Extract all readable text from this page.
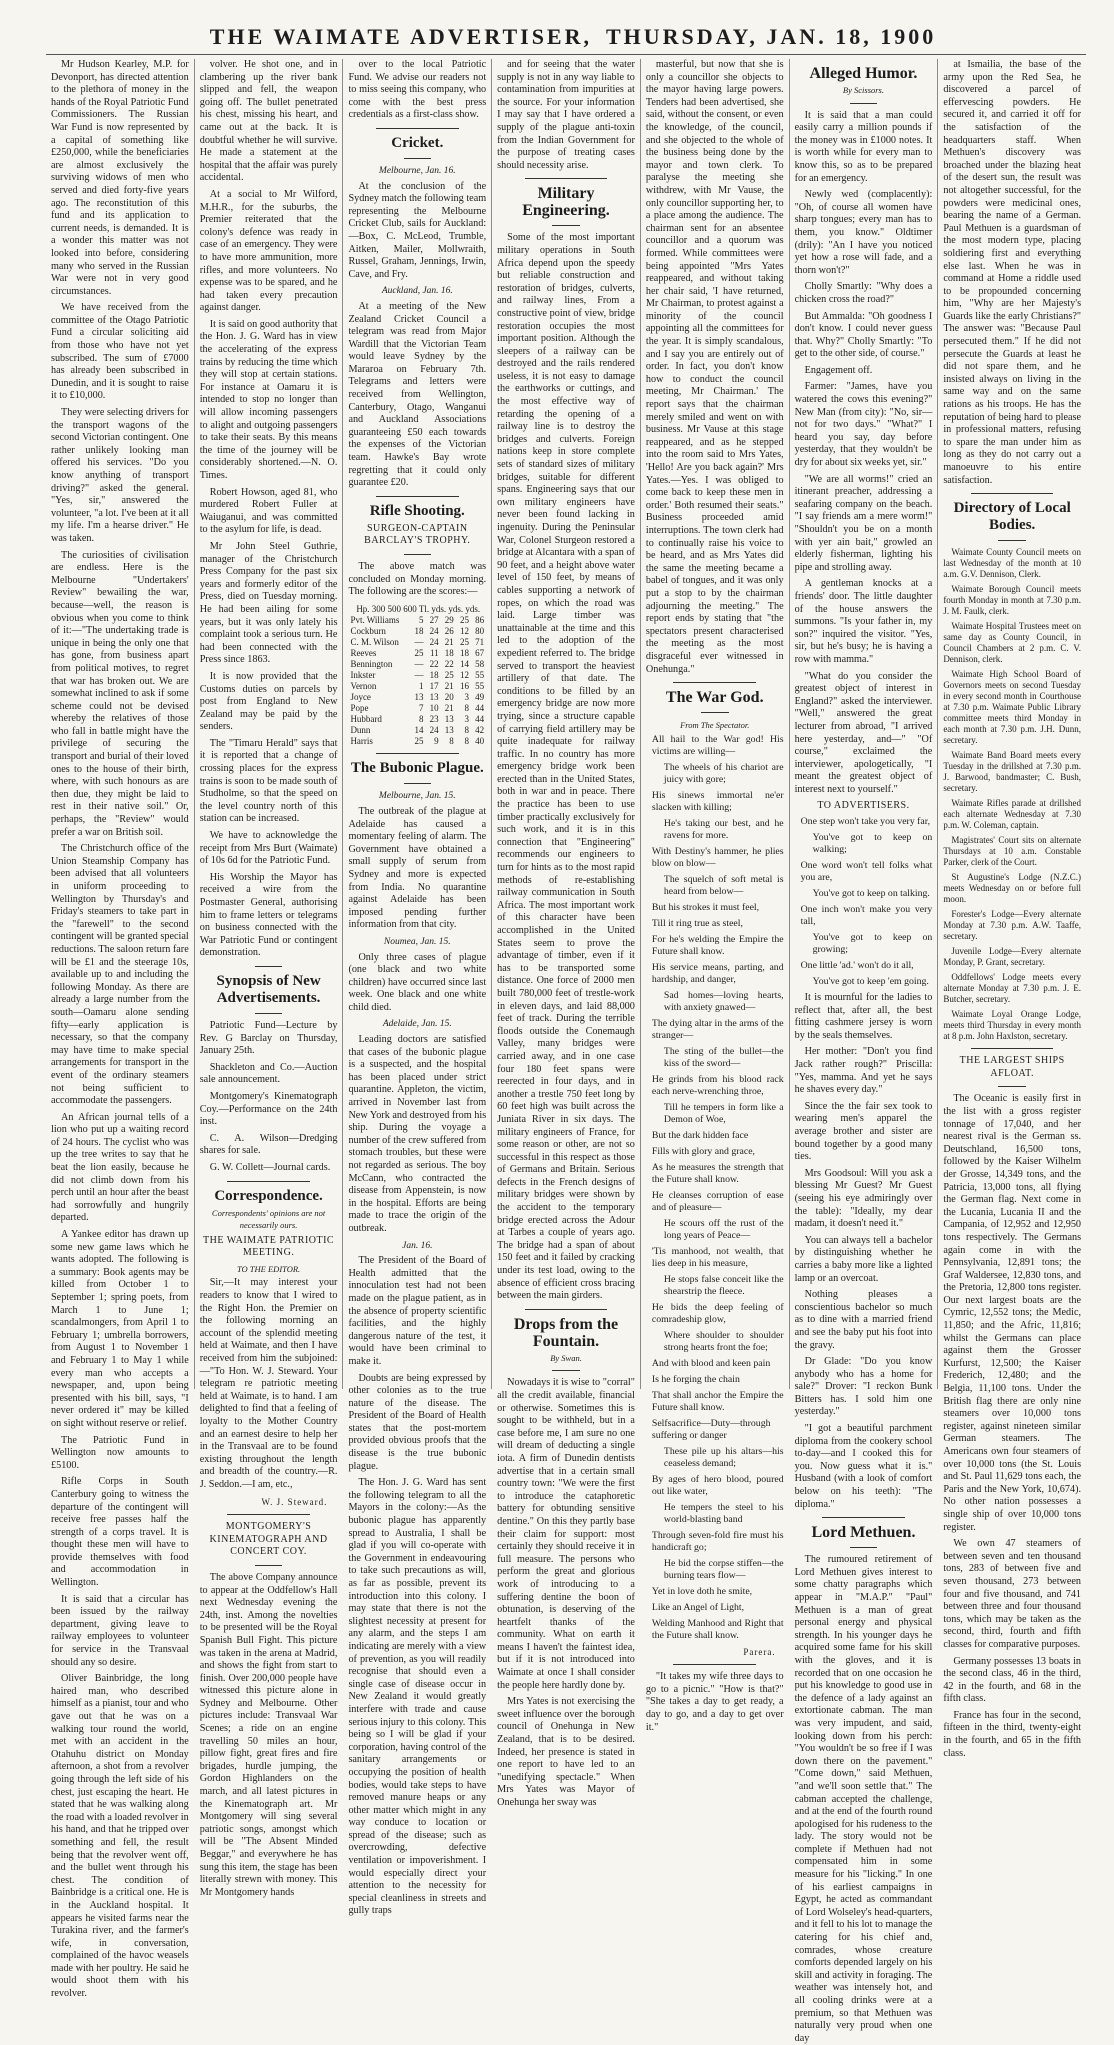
THE WAIMATE ADVERTISER, THURSDAY, JAN. 18, 1900

Mr Hudson Kearley, M.P. for Devonport, has directed attention to the plethora of money in the hands of the Royal Patriotic Fund Commissioners. The Russian War Fund is now represented by a capital of something like £250,000, while the beneficiaries are almost exclusively the surviving widows of men who served and died forty-five years ago. The reconstitution of this fund and its application to current needs, is demanded. It is a wonder this matter was not looked into before, considering many who served in the Russian War were not in very good circumstances.

We have received from the committee of the Otago Patriotic Fund a circular soliciting aid from those who have not yet subscribed. The sum of £7000 has already been subscribed in Dunedin, and it is sought to raise it to £10,000.

They were selecting drivers for the transport wagons of the second Victorian contingent. One rather unlikely looking man offered his services. "Do you know anything of transport driving?" asked the general. "Yes, sir," answered the volunteer, "a lot. I've been at it all my life. I'm a hearse driver." He was taken.

The curiosities of civilisation are endless. Here is the Melbourne "Undertakers' Review" bewailing the war, because—well, the reason is obvious when you come to think of it:—"The undertaking trade is unique in being the only one that has gone, from business apart from political motives, to regret that war has broken out. We are somewhat inclined to ask if some scheme could not be devised whereby the relatives of those who fall in battle might have the privilege of securing the transport and burial of their loved ones to the house of their birth, where, with such honours as are then due, they might be laid to rest in their native soil." Or, perhaps, the "Review" would prefer a war on British soil.

The Christchurch office of the Union Steamship Company has been advised that all volunteers in uniform proceeding to Wellington by Thursday's and Friday's steamers to take part in the "farewell" to the second contingent will be granted special reductions. The saloon return fare will be £1 and the steerage 10s, available up to and including the following Monday. As there are already a large number from the south—Oamaru alone sending fifty—early application is necessary, so that the company may have time to make special arrangements for transport in the event of the ordinary steamers not being sufficient to accommodate the passengers.

An African journal tells of a lion who put up a waiting record of 24 hours. The cyclist who was up the tree writes to say that he beat the lion easily, because he did not climb down from his perch until an hour after the beast had sorrowfully and hungrily departed.

A Yankee editor has drawn up some new game laws which he wants adopted. The following is a summary: Book agents may be killed from October 1 to September 1; spring poets, from March 1 to June 1; scandalmongers, from April 1 to February 1; umbrella borrowers, from August 1 to November 1 and February 1 to May 1 while every man who accepts a newspaper, and, upon being presented with his bill, says, "I never ordered it" may be killed on sight without reserve or relief.

The Patriotic Fund in Wellington now amounts to £5100.

Rifle Corps in South Canterbury going to witness the departure of the contingent will receive free passes half the strength of a corps travel. It is thought these men will have to provide themselves with food and accommodation in Wellington.

It is said that a circular has been issued by the railway department, giving leave to railway employees to volunteer for service in the Transvaal should any so desire.

Oliver Bainbridge, the long haired man, who described himself as a pianist, tour and who gave out that he was on a walking tour round the world, met with an accident in the Otahuhu district on Monday afternoon, a shot from a revolver going through the left side of his chest, just escaping the heart. He stated that he was walking along the road with a loaded revolver in his hand, and that he tripped over something and fell, the result being that the revolver went off, and the bullet went through his chest. The condition of Bainbridge is a critical one. He is in the Auckland hospital. It appears he visited farms near the Turakina river, and the farmer's wife, in conversation, complained of the havoc weasels made with her poultry. He said he would shoot them with his revolver.

volver. He shot one, and in clambering up the river bank slipped and fell, the weapon going off. The bullet penetrated his chest, missing his heart, and came out at the back. It is doubtful whether he will survive. He made a statement at the hospital that the affair was purely accidental.

At a social to Mr Wilford, M.H.R., for the suburbs, the Premier reiterated that the colony's defence was ready in case of an emergency. They were to have more ammunition, more rifles, and more volunteers. No expense was to be spared, and he had taken every precaution against danger.

It is said on good authority that the Hon. J. G. Ward has in view the accelerating of the express trains by reducing the time which they will stop at certain stations. For instance at Oamaru it is intended to stop no longer than will allow incoming passengers to alight and outgoing passengers to take their seats. By this means the time of the journey will be considerably shortened.—N. O. Times.

Robert Howson, aged 81, who murdered Robert Fuller at Waiuganui, and was committed to the asylum for life, is dead.

Mr John Steel Guthrie, manager of the Christchurch Press Company for the past six years and formerly editor of the Press, died on Tuesday morning. He had been ailing for some years, but it was only lately his complaint took a serious turn. He had been connected with the Press since 1863.

It is now provided that the Customs duties on parcels by post from England to New Zealand may be paid by the senders.

The "Timaru Herald" says that it is reported that a change of crossing places for the express trains is soon to be made south of Studholme, so that the speed on the level country north of this station can be increased.

We have to acknowledge the receipt from Mrs Burt (Waimate) of 10s 6d for the Patriotic Fund.

His Worship the Mayor has received a wire from the Postmaster General, authorising him to frame letters or telegrams on business connected with the War Patriotic Fund or contingent demonstration.

Synopsis of New Advertisements.

Patriotic Fund—Lecture by Rev. G Barclay on Thursday, January 25th.

Shackleton and Co.—Auction sale announcement.

Montgomery's Kinematograph Coy.—Performance on the 24th inst.

C. A. Wilson—Dredging shares for sale.

G. W. Collett—Journal cards.

Correspondence.
Correspondents' opinions are not necessarily ours.
THE WAIMATE PATRIOTIC MEETING.
TO THE EDITOR.

Sir,—It may interest your readers to know that I wired to the Right Hon. the Premier on the following morning an account of the splendid meeting held at Waimate, and then I have received from him the subjoined:—"To Hon. W. J. Steward. Your telegram re patriotic meeting held at Waimate, is to hand. I am delighted to find that a feeling of loyalty to the Mother Country and an earnest desire to help her in the Transvaal are to be found existing throughout the length and breadth of the country.—R. J. Seddon.—I am, etc.,

W. J. Steward.
MONTGOMERY'S KINEMATOGRAPH AND CONCERT COY.

The above Company announce to appear at the Oddfellow's Hall next Wednesday evening the 24th, inst. Among the novelties to be presented will be the Royal Spanish Bull Fight. This picture was taken in the arena at Madrid, and shows the fight from start to finish. Over 200,000 people have witnessed this picture alone in Sydney and Melbourne. Other pictures include: Transvaal War Scenes; a ride on an engine travelling 50 miles an hour, pillow fight, great fires and fire brigades, hurdle jumping, the Gordon Highlanders on the march, and all latest pictures in the Kinematograph art. Mr Montgomery will sing several patriotic songs, amongst which will be "The Absent Minded Beggar," and everywhere he has sung this item, the stage has been literally strewn with money. This Mr Montgomery hands

over to the local Patriotic Fund. We advise our readers not to miss seeing this company, who come with the best press credentials as a first-class show.

Cricket.
Melbourne, Jan. 16.

At the conclusion of the Sydney match the following team representing the Melbourne Cricket Club, sails for Auckland:—Box, C. McLeod, Trumble, Aitken, Mailer, Mollwraith, Russel, Graham, Jennings, Irwin, Cave, and Fry.

Auckland, Jan. 16.

At a meeting of the New Zealand Cricket Council a telegram was read from Major Wardill that the Victorian Team would leave Sydney by the Mararoa on February 7th. Telegrams and letters were received from Wellington, Canterbury, Otago, Wanganui and Auckland Associations guaranteeing £50 each towards the expenses of the Victorian team. Hawke's Bay wrote regretting that it could only guarantee £20.

Rifle Shooting.
SURGEON-CAPTAIN BARCLAY'S TROPHY.

The above match was concluded on Monday morning. The following are the scores:—

Hp. 300 500 600 Tl. yds. yds. yds.
Pvt. Williams	5	27	29	25	86
Cockburn	18	24	26	12	80
C. M. Wilson	—	24	21	25	71
Reeves	25	11	18	18	67
Bennington	—	22	22	14	58
Inkster	—	18	25	12	55
Vernon	1	17	21	16	55
Joyce	13	13	20	3	49
Pope	7	10	21	8	44
Hubbard	8	23	13	3	44
Dunn	14	24	13	8	42
Harris	25	9	8	8	40
The Bubonic Plague.
Melbourne, Jan. 15.

The outbreak of the plague at Adelaide has caused a momentary feeling of alarm. The Government have obtained a small supply of serum from Sydney and more is expected from India. No quarantine against Adelaide has been imposed pending further information from that city.

Noumea, Jan. 15.

Only three cases of plague (one black and two white children) have occurred since last week. One black and one white child died.

Adelaide, Jan. 15.

Leading doctors are satisfied that cases of the bubonic plague is a suspected, and the hospital has been placed under strict quarantine. Appleton, the victim, arrived in November last from New York and destroyed from his ship. During the voyage a number of the crew suffered from stomach troubles, but these were not regarded as serious. The boy McCann, who contracted the disease from Appenstein, is now in the hospital. Efforts are being made to trace the origin of the outbreak.

Jan. 16.

The President of the Board of Health admitted that the innoculation test had not been made on the plague patient, as in the absence of property scientific facilities, and the highly dangerous nature of the test, it would have been criminal to make it.

Doubts are being expressed by other colonies as to the true nature of the disease. The President of the Board of Health states that the post-mortem provided obvious proofs that the disease is the true bubonic plague.

The Hon. J. G. Ward has sent the following telegram to all the Mayors in the colony:—As the bubonic plague has apparently spread to Australia, I shall be glad if you will co-operate with the Government in endeavouring to take such precautions as will, as far as possible, prevent its introduction into this colony. I may state that there is not the slightest necessity at present for any alarm, and the steps I am indicating are merely with a view of prevention, as you will readily recognise that should even a single case of disease occur in New Zealand it would greatly interfere with trade and cause serious injury to this colony. This being so I will be glad if your corporation, having control of the sanitary arrangements or occupying the position of health bodies, would take steps to have removed manure heaps or any other matter which might in any way conduce to location or spread of the disease; such as overcrowding, defective ventilation or impoverishment. I would especially direct your attention to the necessity for special cleanliness in streets and gully traps

and for seeing that the water supply is not in any way liable to contamination from impurities at the source. For your information I may say that I have ordered a supply of the plague anti-toxin from the Indian Government for the purpose of treating cases should necessity arise.

Military Engineering.

Some of the most important military operations in South Africa depend upon the speedy but reliable construction and restoration of bridges, culverts, and railway lines, From a constructive point of view, bridge restoration occupies the most important position. Although the sleepers of a railway can be destroyed and the rails rendered useless, it is not easy to damage the earthworks or cuttings, and the most effective way of retarding the opening of a railway line is to destroy the bridges and culverts. Foreign nations keep in store complete sets of standard sizes of military bridges, suitable for different spans. Engineering says that our own military engineers have never been found lacking in ingenuity. During the Peninsular War, Colonel Sturgeon restored a bridge at Alcantara with a span of 90 feet, and a height above water level of 150 feet, by means of cables supporting a network of ropes, on which the road was laid. Large timber was unattainable at the time and this led to the adoption of the expedient referred to. The bridge served to transport the heaviest artillery of that date. The conditions to be filled by an emergency bridge are now more trying, since a structure capable of carrying field artillery may be quite inadequate for railway traffic. In no country has more emergency bridge work been erected than in the United States, both in war and in peace. There the practice has been to use timber practically exclusively for such work, and it is in this connection that "Engineering" recommends our engineers to turn for hints as to the most rapid methods of re-establishing railway communication in South Africa. The most important work of this character have been accomplished in the United States seem to prove the advantage of timber, even if it has to be transported some distance. One force of 2000 men built 780,000 feet of trestle-work in eleven days, and laid 88,000 feet of track. During the terrible floods outside the Conemaugh Valley, many bridges were carried away, and in one case four 180 feet spans were reerected in four days, and in another a trestle 750 feet long by 60 feet high was built across the Juniata River in six days. The military engineers of France, for some reason or other, are not so successful in this respect as those of Germans and Britain. Serious defects in the French designs of military bridges were shown by the accident to the temporary bridge erected across the Adour at Tarbes a couple of years ago. The bridge had a span of about 150 feet and it failed by cracking under its test load, owing to the absence of efficient cross bracing between the main girders.

Drops from the Fountain.
By Swan.

Nowadays it is wise to "corral" all the credit available, financial or otherwise. Sometimes this is sought to be withheld, but in a case before me, I am sure no one will dream of deducting a single iota. A firm of Dunedin dentists advertise that in a certain small country town: "We were the first to introduce the cataphoretic battery for obtunding sensitive dentine." On this they partly base their claim for support: most certainly they should receive it in full measure. The persons who perform the great and glorious work of introducing to a suffering dentine the boon of obtunation, is deserving of the heartfelt thanks of the community. What on earth it means I haven't the faintest idea, but if it is not introduced into Waimate at once I shall consider the people here hardly done by.

Mrs Yates is not exercising the sweet influence over the borough council of Onehunga in New Zealand, that is to be desired. Indeed, her presence is stated in one report to have led to an "unedifying spectacle." When Mrs Yates was Mayor of Onehunga her sway was

masterful, but now that she is only a councillor she objects to the mayor having large powers. Tenders had been advertised, she said, without the consent, or even the knowledge, of the council, and she objected to the whole of the business being done by the mayor and town clerk. To paralyse the meeting she withdrew, with Mr Vause, the only councillor supporting her, to a place among the audience. The chairman sent for an absentee councillor and a quorum was formed. While committees were being appointed "Mrs Yates reappeared, and without taking her chair said, 'I have returned, Mr Chairman, to protest against a minority of the council appointing all the committees for the year. It is simply scandalous, and I say you are entirely out of order. In fact, you don't know how to conduct the council meeting, Mr Chairman.' The report says that the chairman merely smiled and went on with business. Mr Vause at this stage reappeared, and as he stepped into the room said to Mrs Yates, 'Hello! Are you back again?' Mrs Yates.—Yes. I was obliged to come back to keep these men in order.' Both resumed their seats." Business proceeded amid interruptions. The town clerk had to continually raise his voice to be heard, and as Mrs Yates did the same the meeting became a babel of tongues, and it was only put a stop to by the chairman adjourning the meeting." The report ends by stating that "the spectators present characterised the meeting as the most disgraceful ever witnessed in Onehunga."

The War God.
From The Spectator.

All hail to the War god! His victims are willing—

The wheels of his chariot are juicy with gore;

His sinews immortal ne'er slacken with killing;

He's taking our best, and he ravens for more.

With Destiny's hammer, he plies blow on blow—

The squelch of soft metal is heard from below—

But his strokes it must feel,

Till it ring true as steel,

For he's welding the Empire the Future shall know.

His service means, parting, and hardship, and danger,

Sad homes—loving hearts, with anxiety gnawed—

The dying altar in the arms of the stranger—

The sting of the bullet—the kiss of the sword—

He grinds from his blood rack each nerve-wrenching throe,

Till he tempers in form like a Demon of Woe,

But the dark hidden face

Fills with glory and grace,

As he measures the strength that the Future shall know.

He cleanses corruption of ease and of pleasure—

He scours off the rust of the long years of Peace—

'Tis manhood, not wealth, that lies deep in his measure,

He stops false conceit like the shearstrip the fleece.

He bids the deep feeling of comradeship glow,

Where shoulder to shoulder strong hearts front the foe;

And with blood and keen pain

Is he forging the chain

That shall anchor the Empire the Future shall know.

Selfsacrifice—Duty—through suffering or danger

These pile up his altars—his ceaseless demand;

By ages of hero blood, poured out like water,

He tempers the steel to his world-blasting band

Through seven-fold fire must his handicraft go;

He bid the corpse stiffen—the burning tears flow—

Yet in love doth he smite,

Like an Angel of Light,

Welding Manhood and Right that the Future shall know.

Parera.

"It takes my wife three days to go to a picnic." "How is that?" "She takes a day to get ready, a day to go, and a day to get over it."

Alleged Humor.
By Scissors.

It is said that a man could easily carry a million pounds if the money was in £1000 notes. It is worth while for every man to know this, so as to be prepared for an emergency.

Newly wed (complacently): "Oh, of course all women have sharp tongues; every man has to them, you know." Oldtimer (drily): "An I have you noticed yet how a rose will fade, and a thorn won't?"

Cholly Smartly: "Why does a chicken cross the road?"

But Ammalda: "Oh goodness I don't know. I could never guess that. Why?" Cholly Smartly: "To get to the other side, of course."

Engagement off.

Farmer: "James, have you watered the cows this evening?" New Man (from city): "No, sir—not for two days." "What?" I heard you say, day before yesterday, that they wouldn't be dry for about six weeks yet, sir."

"We are all worms!" cried an itinerant preacher, addressing a seafaring company on the beach. "I say friends am a mere worm!" "Shouldn't you be on a month with yer ain bait," growled an elderly fisherman, lighting his pipe and strolling away.

A gentleman knocks at a friends' door. The little daughter of the house answers the summons. "Is your father in, my son?" inquired the visitor. "Yes, sir, but he's busy; he is having a row with mamma."

"What do you consider the greatest object of interest in England?" asked the interviewer. "Well," answered the great lecturer from abroad, "I arrived here yesterday, and—" "Of course," exclaimed the interviewer, apologetically, "I meant the greatest object of interest next to yourself."

TO ADVERTISERS.

One step won't take you very far,

You've got to keep on walking;

One word won't tell folks what you are,

You've got to keep on talking.

One inch won't make you very tall,

You've got to keep on growing;

One little 'ad.' won't do it all,

You've got to keep 'em going.

It is mournful for the ladies to reflect that, after all, the best fitting cashmere jersey is worn by the seals themselves.

Her mother: "Don't you find Jack rather rough?" Priscilla: "Yes, mamma. And yet he says he shaves every day."

Since the the fair sex took to wearing men's apparel the average brother and sister are bound together by a good many ties.

Mrs Goodsoul: Will you ask a blessing Mr Guest? Mr Guest (seeing his eye admiringly over the table): "Ideally, my dear madam, it doesn't need it."

You can always tell a bachelor by distinguishing whether he carries a baby more like a lighted lamp or an overcoat.

Nothing pleases a conscientious bachelor so much as to dine with a married friend and see the baby put his foot into the gravy.

Dr Glade: "Do you know anybody who has a home for sale?" Drover: "I reckon Bunk Bitters has. I sold him one yesterday."

"I got a beautiful parchment diploma from the cookery school to-day—and I cooked this for you. Now guess what it is." Husband (with a look of comfort below on his teeth): "The diploma."

Lord Methuen.

The rumoured retirement of Lord Methuen gives interest to some chatty paragraphs which appear in "M.A.P." "Paul" Methuen is a man of great personal energy and physical strength. In his younger days he acquired some fame for his skill with the gloves, and it is recorded that on one occasion he put his knowledge to good use in the defence of a lady against an extortionate cabman. The man was very impudent, and said, looking down from his perch: "You wouldn't be so free if I was down there on the pavement." "Come down," said Methuen, "and we'll soon settle that." The cabman accepted the challenge, and at the end of the fourth round apologised for his rudeness to the lady. The story would not be complete if Methuen had not compensated him in some measure for his "licking." In one of his earliest campaigns in Egypt, he acted as commandant of Lord Wolseley's head-quarters, and it fell to his lot to manage the catering for his chief and, comrades, whose creature comforts depended largely on his skill and activity in foraging. The weather was intensely hot, and all cooling drinks were at a premium, so that Methuen was naturally very proud when one day

at Ismailia, the base of the army upon the Red Sea, he discovered a parcel of effervescing powders. He secured it, and carried it off for the satisfaction of the headquarters staff. When Methuen's discovery was broached under the blazing heat of the desert sun, the result was not altogether successful, for the powders were medicinal ones, bearing the name of a German. Paul Methuen is a guardsman of the most modern type, placing soldiering first and everything else last. When he was in command at Home a riddle used to be propounded concerning him, "Why are her Majesty's Guards like the early Christians?" The answer was: "Because Paul persecuted them." If he did not persecute the Guards at least he did not spare them, and he insisted always on living in the same way and on the same rations as his troops. He has the reputation of being hard to please in professional matters, refusing to spare the man under him as long as they do not carry out a manoeuvre to his entire satisfaction.

Directory of Local Bodies.

Waimate County Council meets on last Wednesday of the month at 10 a.m. G.V. Dennison, Clerk.

Waimate Borough Council meets fourth Monday in month at 7.30 p.m. J. M. Faulk, clerk.

Waimate Hospital Trustees meet on same day as County Council, in Council Chambers at 2 p.m. C. V. Dennison, clerk.

Waimate High School Board of Governors meets on second Tuesday in every second month in Courthouse at 7.30 p.m. Waimate Public Library committee meets third Monday in each month at 7.30 p.m. J.H. Dunn, secretary.

Waimate Band Board meets every Tuesday in the drillshed at 7.30 p.m. J. Barwood, bandmaster; C. Bush, secretary.

Waimate Rifles parade at drillshed each alternate Wednesday at 7.30 p.m. W. Coleman, captain.

Magistrates' Court sits on alternate Thursdays at 10 a.m. Constable Parker, clerk of the Court.

St Augustine's Lodge (N.Z.C.) meets Wednesday on or before full moon.

Forester's Lodge—Every alternate Monday at 7.30 p.m. A.W. Taaffe, secretary.

Juvenile Lodge—Every alternate Monday, P. Grant, secretary.

Oddfellows' Lodge meets every alternate Monday at 7.30 p.m. J. E. Butcher, secretary.

Waimate Loyal Orange Lodge, meets third Thursday in every month at 8 p.m. John Haxlston, secretary.

THE LARGEST SHIPS AFLOAT.

The Oceanic is easily first in the list with a gross register tonnage of 17,040, and her nearest rival is the German ss. Deutschland, 16,500 tons, followed by the Kaiser Wilhelm der Grosse, 14,349 tons, and the Patricia, 13,000 tons, all flying the German flag. Next come in the Lucania, Lucania II and the Campania, of 12,952 and 12,950 tons respectively. The Germans again come in with the Pennsylvania, 12,891 tons; the Graf Waldersee, 12,830 tons, and the Pretoria, 12,800 tons register. Our next largest boats are the Cymric, 12,552 tons; the Medic, 11,850; and the Afric, 11,816; whilst the Germans can place against them the Grosser Kurfurst, 12,500; the Kaiser Frederich, 12,480; and the Belgia, 11,100 tons. Under the British flag there are only nine steamers over 10,000 tons register, against nineteen similar German steamers. The Americans own four steamers of over 10,000 tons (the St. Louis and St. Paul 11,629 tons each, the Paris and the New York, 10,674). No other nation possesses a single ship of over 10,000 tons register.

We own 47 steamers of between seven and ten thousand tons, 283 of between five and seven thousand, 273 between four and five thousand, and 741 between three and four thousand tons, which may be taken as the second, third, fourth and fifth classes for comparative purposes.

Germany possesses 13 boats in the second class, 46 in the third, 42 in the fourth, and 68 in the fifth class.

France has four in the second, fifteen in the third, twenty-eight in the fourth, and 65 in the fifth class.
